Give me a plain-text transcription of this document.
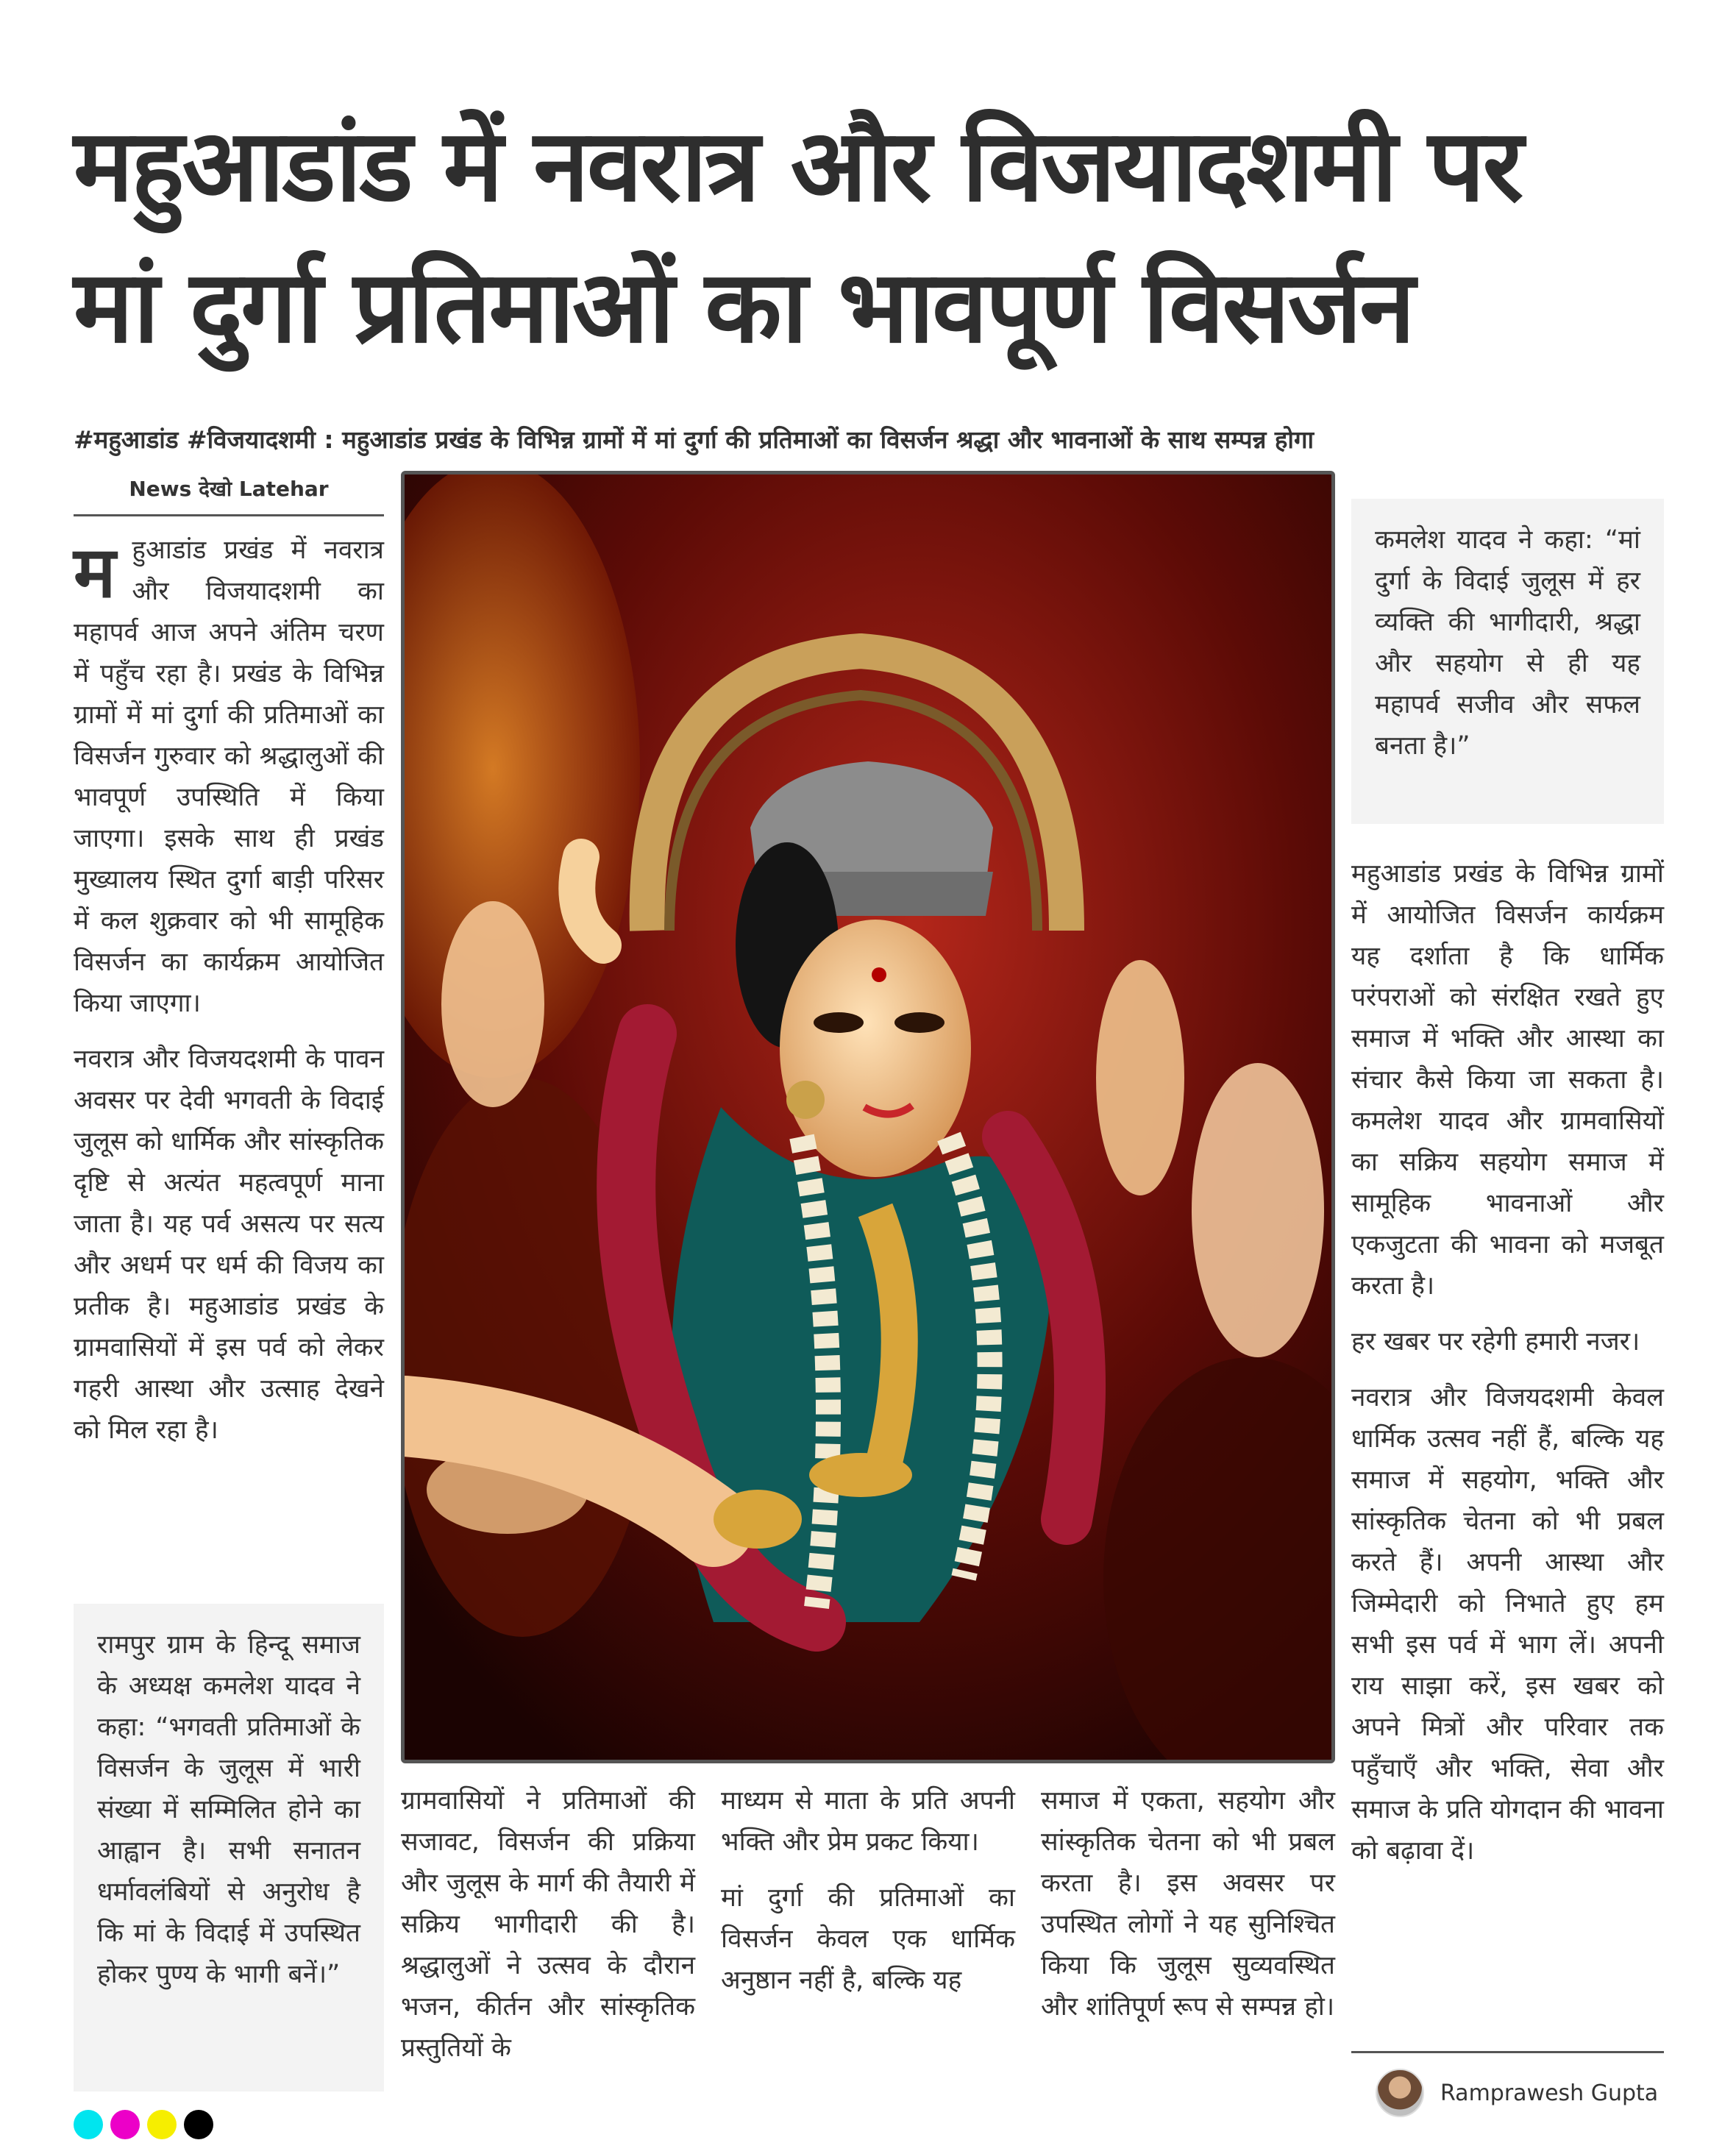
महुआडांड में नवरात्र और विजयादशमी पर
मां दुर्गा प्रतिमाओं का भावपूर्ण विसर्जन
#महुआडांड #विजयादशमी : महुआडांड प्रखंड के विभिन्न ग्रामों में मां दुर्गा की प्रतिमाओं का विसर्जन श्रद्धा और भावनाओं के साथ सम्पन्न होगा
News देखो Latehar

महुआडांड प्रखंड में नवरात्र और विजयादशमी का महापर्व आज अपने अंतिम चरण में पहुँच रहा है। प्रखंड के विभिन्न ग्रामों में मां दुर्गा की प्रतिमाओं का विसर्जन गुरुवार को श्रद्धालुओं की भावपूर्ण उपस्थिति में किया जाएगा। इसके साथ ही प्रखंड मुख्यालय स्थित दुर्गा बाड़ी परिसर में कल शुक्रवार को भी सामूहिक विसर्जन का कार्यक्रम आयोजित किया जाएगा।

नवरात्र और विजयदशमी के पावन अवसर पर देवी भगवती के विदाई जुलूस को धार्मिक और सांस्कृतिक दृष्टि से अत्यंत महत्वपूर्ण माना जाता है। यह पर्व असत्य पर सत्य और अधर्म पर धर्म की विजय का प्रतीक है। महुआडांड प्रखंड के ग्रामवासियों में इस पर्व को लेकर गहरी आस्था और उत्साह देखने को मिल रहा है।

रामपुर ग्राम के हिन्दू समाज के अध्यक्ष कमलेश यादव ने कहा: “भगवती प्रतिमाओं के विसर्जन के जुलूस में भारी संख्या में सम्मिलित होने का आह्वान है। सभी सनातन धर्मावलंबियों से अनुरोध है कि मां के विदाई में उपस्थित होकर पुण्य के भागी बनें।”

ग्रामवासियों ने प्रतिमाओं की सजावट, विसर्जन की प्रक्रिया और जुलूस के मार्ग की तैयारी में सक्रिय भागीदारी की है। श्रद्धालुओं ने उत्सव के दौरान भजन, कीर्तन और सांस्कृतिक प्रस्तुतियों के

माध्यम से माता के प्रति अपनी भक्ति और प्रेम प्रकट किया।

मां दुर्गा की प्रतिमाओं का विसर्जन केवल एक धार्मिक अनुष्ठान नहीं है, बल्कि यह

समाज में एकता, सहयोग और सांस्कृतिक चेतना को भी प्रबल करता है। इस अवसर पर उपस्थित लोगों ने यह सुनिश्चित किया कि जुलूस सुव्यवस्थित और शांतिपूर्ण रूप से सम्पन्न हो।

कमलेश यादव ने कहा: “मां दुर्गा के विदाई जुलूस में हर व्यक्ति की भागीदारी, श्रद्धा और सहयोग से ही यह महापर्व सजीव और सफल बनता है।”

महुआडांड प्रखंड के विभिन्न ग्रामों में आयोजित विसर्जन कार्यक्रम यह दर्शाता है कि धार्मिक परंपराओं को संरक्षित रखते हुए समाज में भक्ति और आस्था का संचार कैसे किया जा सकता है। कमलेश यादव और ग्रामवासियों का सक्रिय सहयोग समाज में सामूहिक भावनाओं और एकजुटता की भावना को मजबूत करता है।

हर खबर पर रहेगी हमारी नजर।

नवरात्र और विजयदशमी केवल धार्मिक उत्सव नहीं हैं, बल्कि यह समाज में सहयोग, भक्ति और सांस्कृतिक चेतना को भी प्रबल करते हैं। अपनी आस्था और जिम्मेदारी को निभाते हुए हम सभी इस पर्व में भाग लें। अपनी राय साझा करें, इस खबर को अपने मित्रों और परिवार तक पहुँचाएँ और भक्ति, सेवा और समाज के प्रति योगदान की भावना को बढ़ावा दें।

Ramprawesh Gupta
